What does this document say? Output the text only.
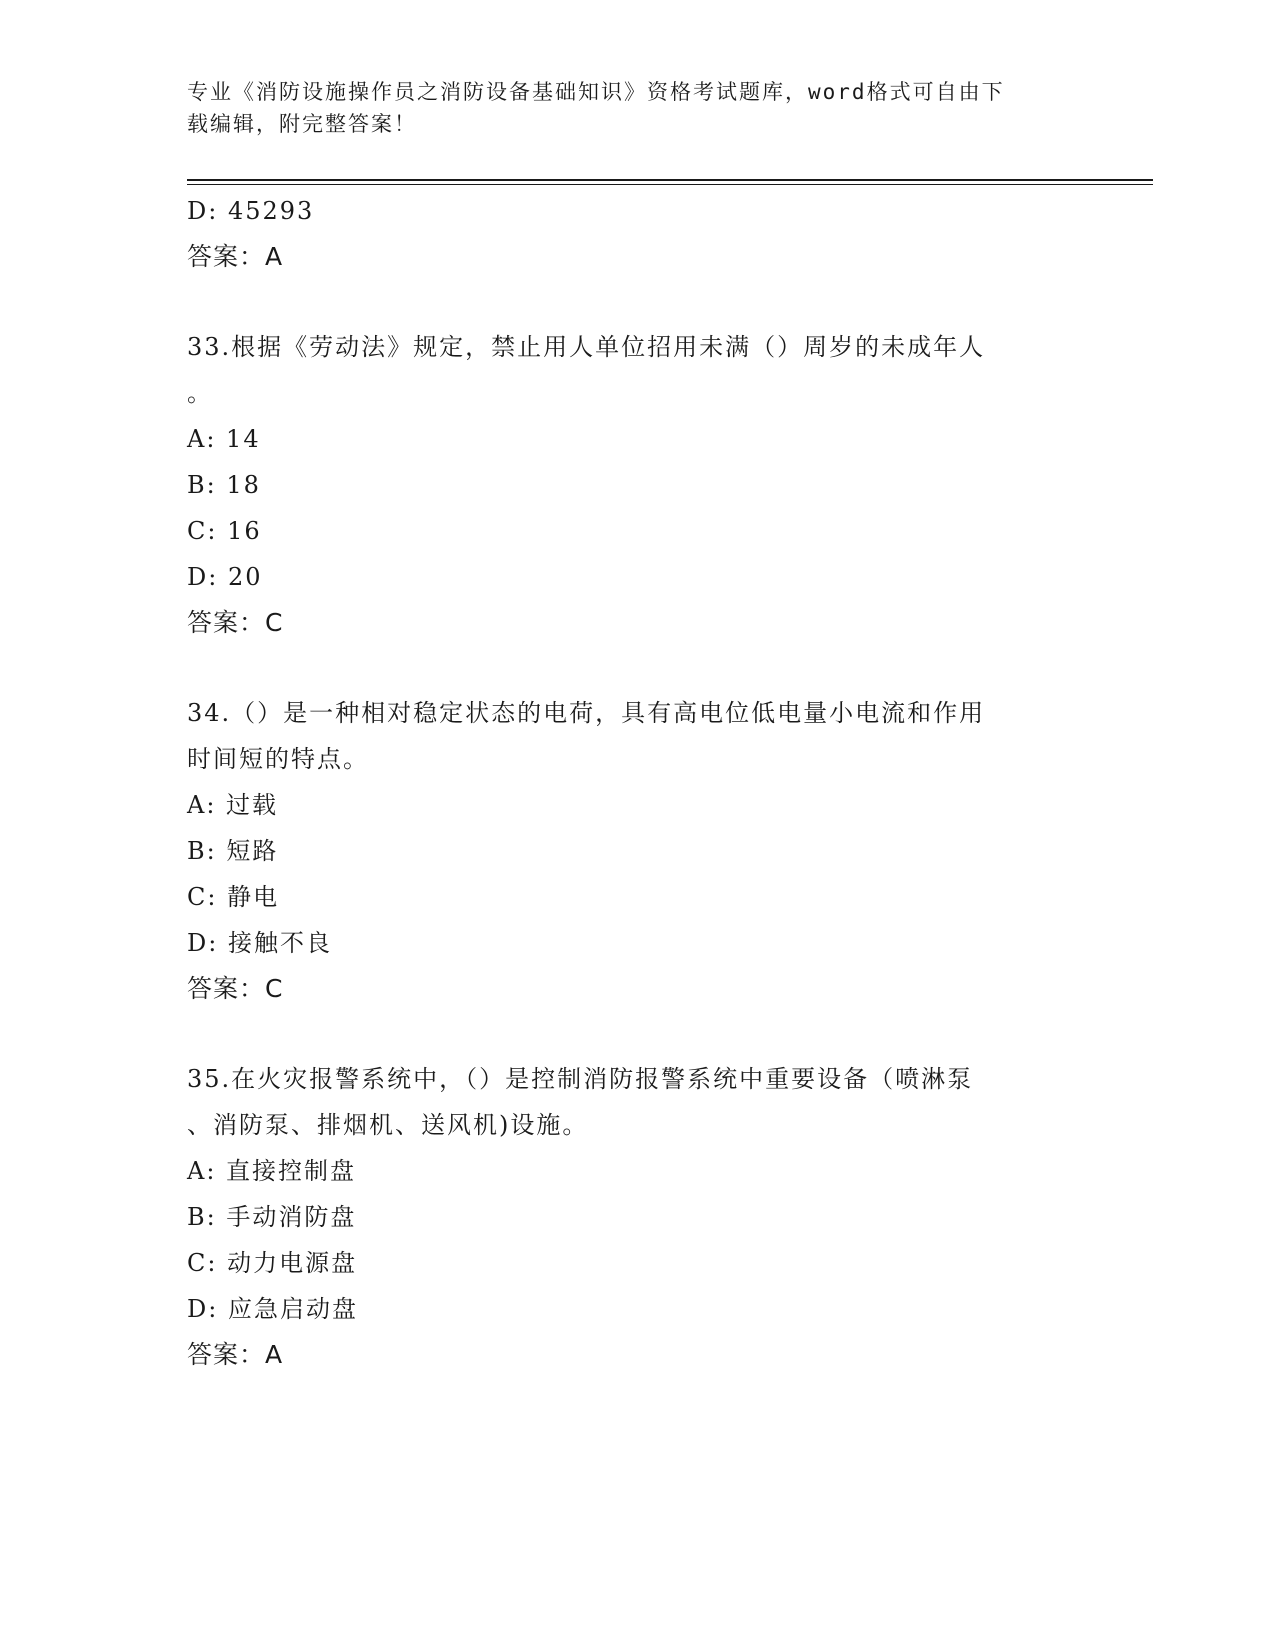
专业《消防设施操作员之消防设备基础知识》资格考试题库，word格式可自由下
载编辑，附完整答案！
D: 45293
答案：A
33.根据《劳动法》规定，禁止用人单位招用未满（）周岁的未成年人
。
A: 14
B: 18
C: 16
D: 20
答案：C
34.（）是一种相对稳定状态的电荷，具有高电位低电量小电流和作用
时间短的特点。
A: 过载
B: 短路
C: 静电
D: 接触不良
答案：C
35.在火灾报警系统中，（）是控制消防报警系统中重要设备（喷淋泵
、消防泵、排烟机、送风机)设施。
A: 直接控制盘
B: 手动消防盘
C: 动力电源盘
D: 应急启动盘
答案：A
